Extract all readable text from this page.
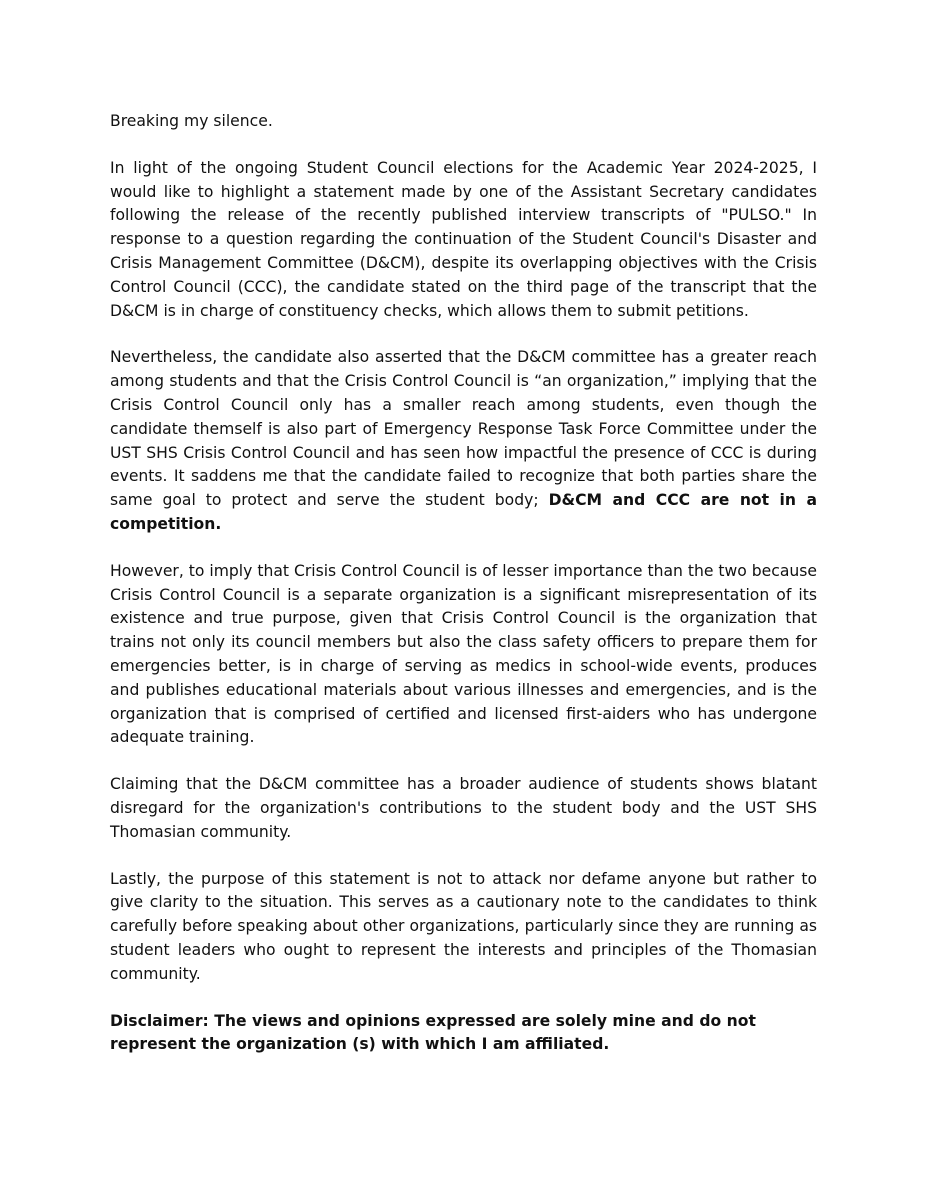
Breaking my silence.

In light of the ongoing Student Council elections for the Academic Year 2024-2025, I would like to highlight a statement made by one of the Assistant Secretary candidates following the release of the recently published interview transcripts of "PULSO." In response to a question regarding the continuation of the Student Council's Disaster and Crisis Management Committee (D&CM), despite its overlapping objectives with the Crisis Control Council (CCC), the candidate stated on the third page of the transcript that the D&CM is in charge of constituency checks, which allows them to submit petitions.

Nevertheless, the candidate also asserted that the D&CM committee has a greater reach among students and that the Crisis Control Council is “an organization,” implying that the Crisis Control Council only has a smaller reach among students, even though the candidate themself is also part of Emergency Response Task Force Committee under the UST SHS Crisis Control Council and has seen how impactful the presence of CCC is during events. It saddens me that the candidate failed to recognize that both parties share the same goal to protect and serve the student body; D&CM and CCC are not in a competition.

However, to imply that Crisis Control Council is of lesser importance than the two because Crisis Control Council is a separate organization is a significant misrepresentation of its existence and true purpose, given that Crisis Control Council is the organization that trains not only its council members but also the class safety officers to prepare them for emergencies better, is in charge of serving as medics in school-wide events, produces and publishes educational materials about various illnesses and emergencies, and is the organization that is comprised of certified and licensed first-aiders who has undergone adequate training.

Claiming that the D&CM committee has a broader audience of students shows blatant disregard for the organization's contributions to the student body and the UST SHS Thomasian community.

Lastly, the purpose of this statement is not to attack nor defame anyone but rather to give clarity to the situation. This serves as a cautionary note to the candidates to think carefully before speaking about other organizations, particularly since they are running as student leaders who ought to represent the interests and principles of the Thomasian community.

Disclaimer: The views and opinions expressed are solely mine and do not represent the organization (s) with which I am affiliated.
